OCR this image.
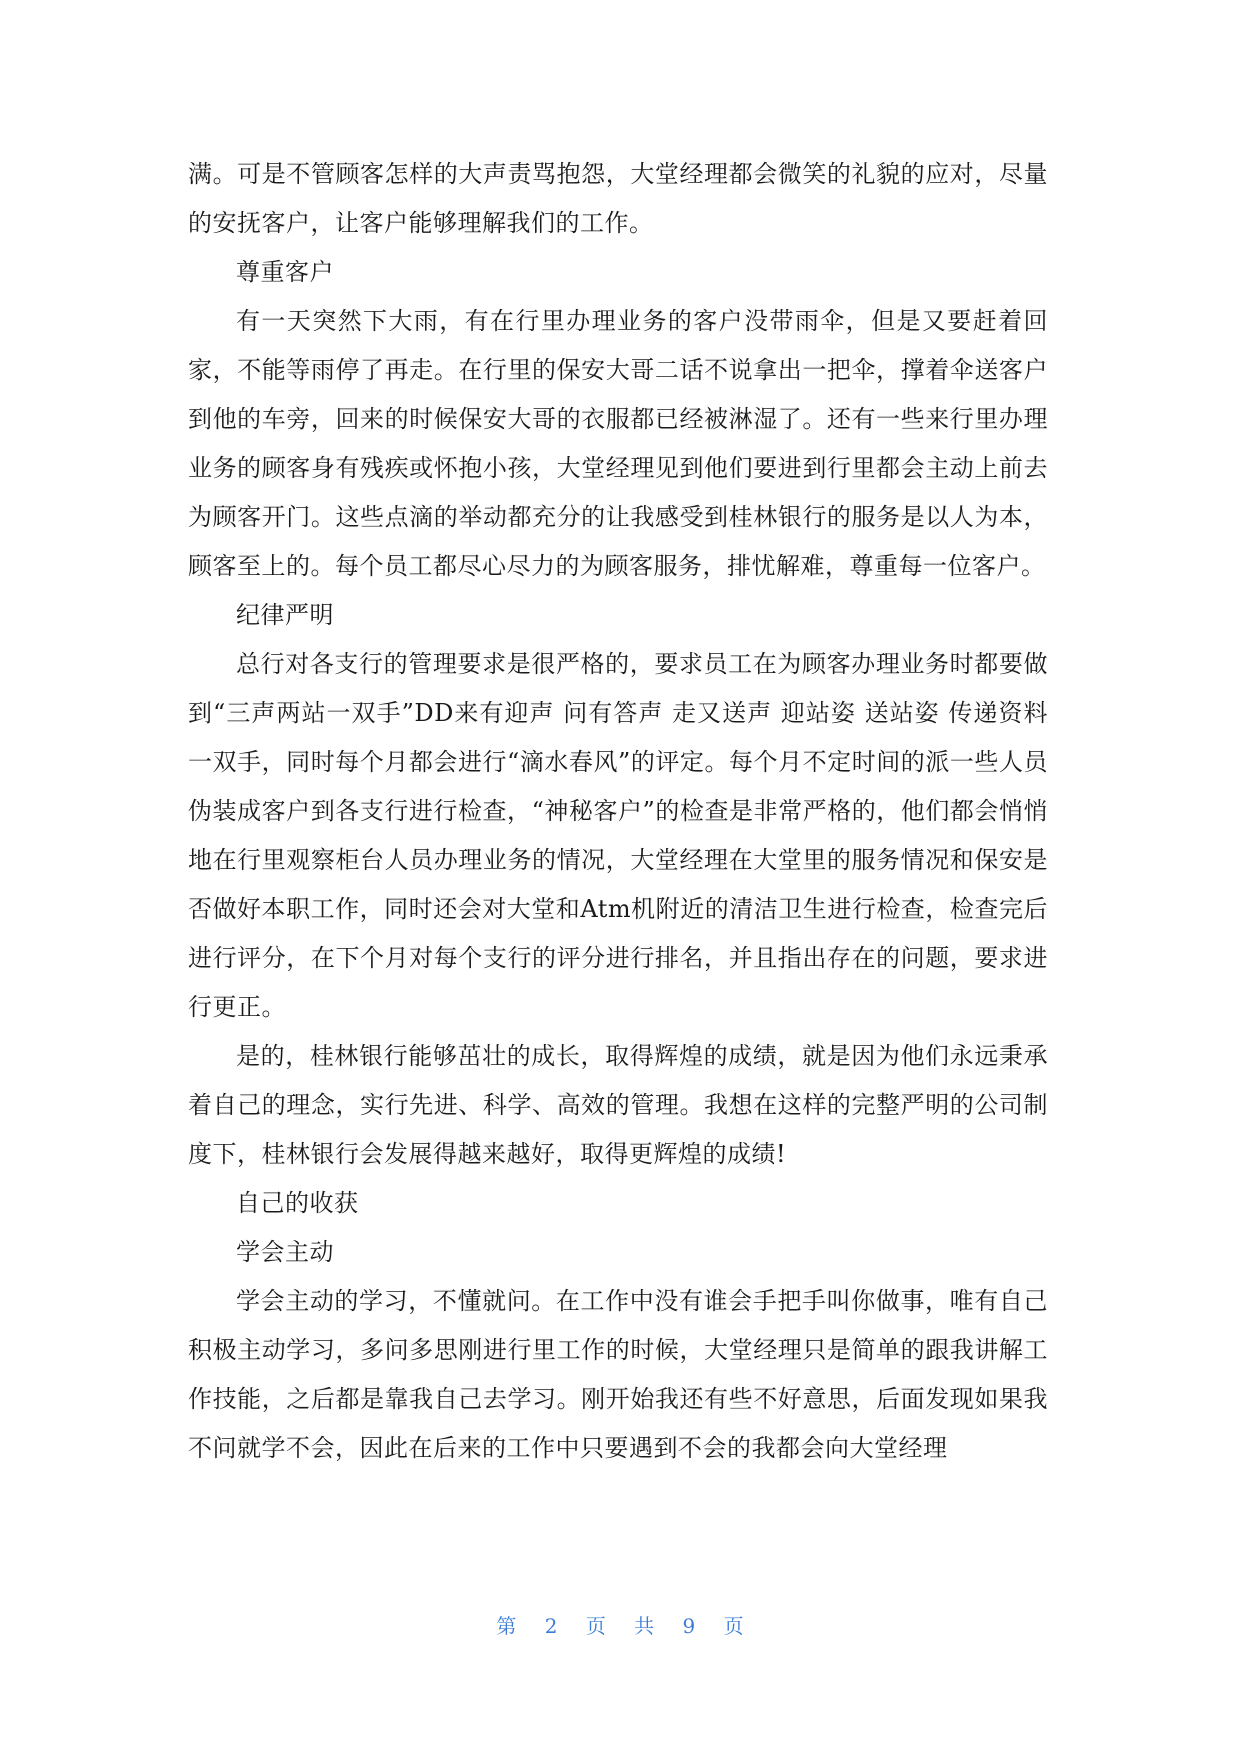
满。可是不管顾客怎样的大声责骂抱怨，大堂经理都会微笑的礼貌的应对，尽量的安抚客户，让客户能够理解我们的工作。

尊重客户

有一天突然下大雨，有在行里办理业务的客户没带雨伞，但是又要赶着回家，不能等雨停了再走。在行里的保安大哥二话不说拿出一把伞，撑着伞送客户到他的车旁，回来的时候保安大哥的衣服都已经被淋湿了。还有一些来行里办理业务的顾客身有残疾或怀抱小孩，大堂经理见到他们要进到行里都会主动上前去为顾客开门。这些点滴的举动都充分的让我感受到桂林银行的服务是以人为本，顾客至上的。每个员工都尽心尽力的为顾客服务，排忧解难，尊重每一位客户。

纪律严明

总行对各支行的管理要求是很严格的，要求员工在为顾客办理业务时都要做到“三声两站一双手”DD来有迎声 问有答声 走又送声 迎站姿 送站姿 传递资料一双手，同时每个月都会进行“滴水春风”的评定。每个月不定时间的派一些人员伪装成客户到各支行进行检查，“神秘客户”的检查是非常严格的，他们都会悄悄地在行里观察柜台人员办理业务的情况，大堂经理在大堂里的服务情况和保安是否做好本职工作，同时还会对大堂和Atm机附近的清洁卫生进行检查，检查完后进行评分，在下个月对每个支行的评分进行排名，并且指出存在的问题，要求进行更正。

是的，桂林银行能够茁壮的成长，取得辉煌的成绩，就是因为他们永远秉承着自己的理念，实行先进、科学、高效的管理。我想在这样的完整严明的公司制度下，桂林银行会发展得越来越好，取得更辉煌的成绩!

自己的收获

学会主动

学会主动的学习，不懂就问。在工作中没有谁会手把手叫你做事，唯有自己积极主动学习，多问多思刚进行里工作的时候，大堂经理只是简单的跟我讲解工作技能，之后都是靠我自己去学习。刚开始我还有些不好意思，后面发现如果我不问就学不会，因此在后来的工作中只要遇到不会的我都会向大堂经理

第 2 页 共 9 页
